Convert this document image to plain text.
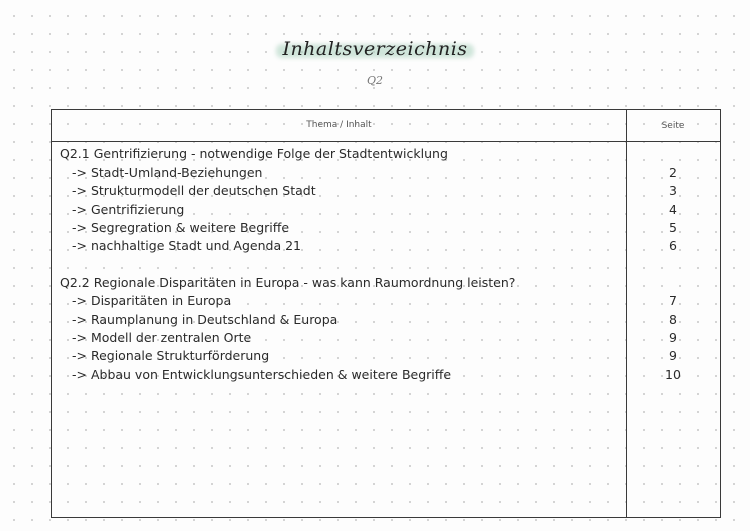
Inhaltsverzeichnis
Q2
Thema / Inhalt	Seite
Q2.1 Gentrifizierung - notwendige Folge der Stadtentwicklung
-> Stadt-Umland-Beziehungen	2
-> Strukturmodell der deutschen Stadt	3
-> Gentrifizierung	4
-> Segregration & weitere Begriffe	5
-> nachhaltige Stadt und Agenda 21	6
Q2.2 Regionale Disparitäten in Europa - was kann Raumordnung leisten?
-> Disparitäten in Europa	7
-> Raumplanung in Deutschland & Europa	8
-> Modell der zentralen Orte	9
-> Regionale Strukturförderung	9
-> Abbau von Entwicklungsunterschieden & weitere Begriffe	10
